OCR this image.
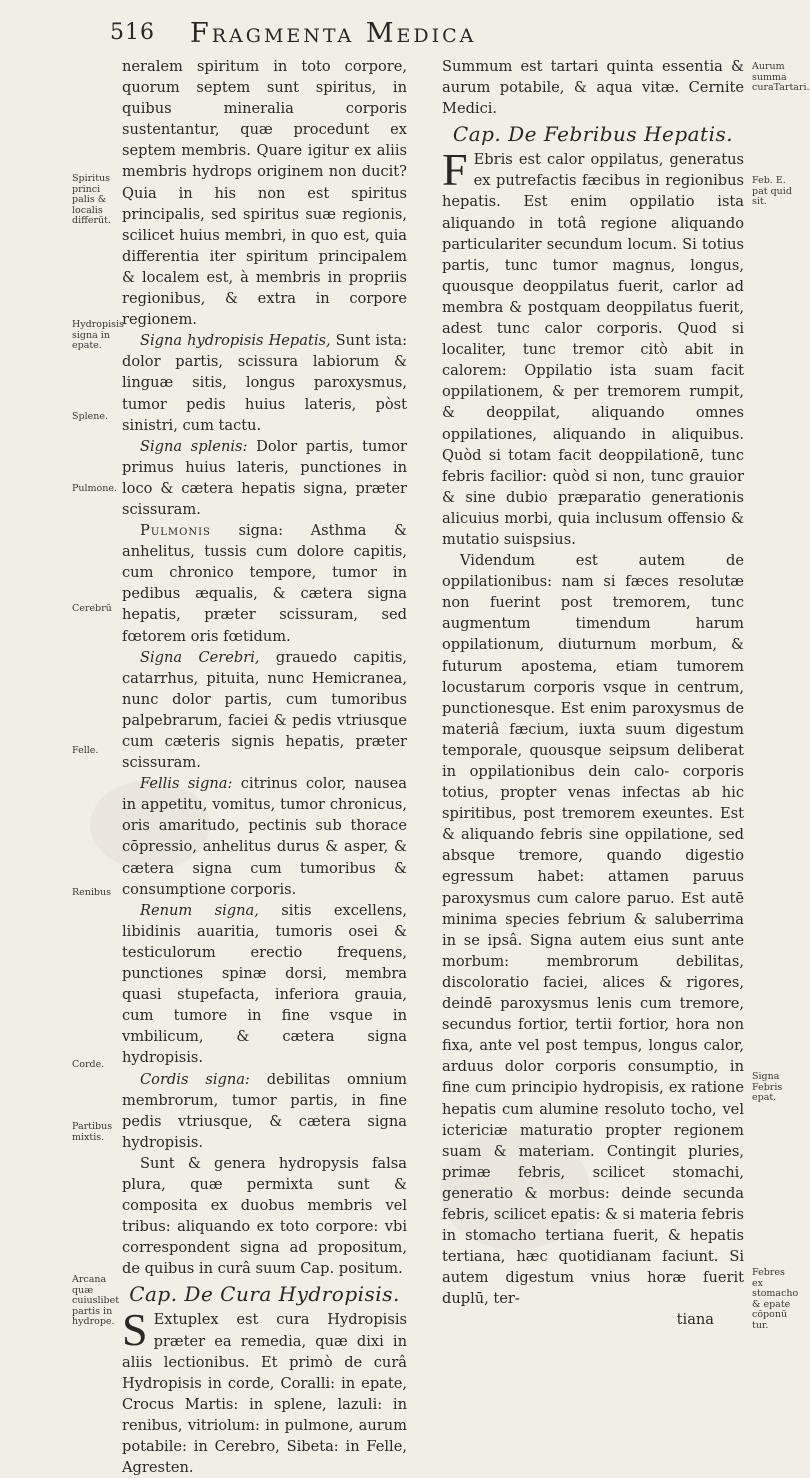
516 Fragmenta Medica
Spiritus princi palis & localis differūt.
Hydropisis signa in epate.
Splene.
Pulmone.
Cerebrū
Felle.
Renibus
Corde.
Partibus mixtis.
Arcana quæ cuiuslibet partis in hydrope.
Aurum summa curaTartari.
Feb. E. pat quid sit.
Signa Febris epat.
Febres ex stomacho & epate cōponū tur.

neralem spiritum in toto corpore, quorum septem sunt spiritus, in quibus mineralia corporis sustentantur, quæ procedunt ex septem membris. Quare igitur ex aliis membris hydrops originem non ducit? Quia in his non est spiritus principalis, sed spiritus suæ regionis, scilicet huius membri, in quo est, quia differentia iter spiritum principalem & localem est, à membris in propriis regionibus, & extra in corpore regionem.

Signa hydropisis Hepatis, Sunt ista: dolor partis, scissura labiorum & linguæ sitis, longus paroxysmus, tumor pedis huius lateris, pòst sinistri, cum tactu.

Signa splenis: Dolor partis, tumor primus huius lateris, punctiones in loco & cætera hepatis signa, præter scissuram.

Pulmonis signa: Asthma & anhelitus, tussis cum dolore capitis, cum chronico tempore, tumor in pedibus æqualis, & cætera signa hepatis, præter scissuram, sed fœtorem oris fœtidum.

Signa Cerebri, grauedo capitis, catarrhus, pituita, nunc Hemicranea, nunc dolor partis, cum tumoribus palpebrarum, faciei & pedis vtriusque cum cæteris signis hepatis, præter scissuram.

Fellis signa: citrinus color, nausea in appetitu, vomitus, tumor chronicus, oris amaritudo, pectinis sub thorace cōpressio, anhelitus durus & asper, & cætera signa cum tumoribus & consumptione corporis.

Renum signa, sitis excellens, libidinis auaritia, tumoris osei & testiculorum erectio frequens, punctiones spinæ dorsi, membra quasi stupefacta, inferiora grauia, cum tumore in fine vsque in vmbilicum, & cætera signa hydropisis.

Cordis signa: debilitas omnium membrorum, tumor partis, in fine pedis vtriusque, & cætera signa hydropisis.

Sunt & genera hydropysis falsa plura, quæ permixta sunt & composita ex duobus membris vel tribus: aliquando ex toto corpore: vbi correspondent signa ad propositum, de quibus in curâ suum Cap. positum.

Cap. De Cura Hydropisis.

S Extuplex est cura Hydropisis præter ea remedia, quæ dixi in aliis lectionibus. Et primò de curâ Hydropisis in corde, Coralli: in epate, Crocus Martis: in splene, lazuli: in renibus, vitriolum: in pulmone, aurum potabile: in Cerebro, Sibeta: in Felle, Agresten.

Summum est tartari quinta essentia & aurum potabile, & aqua vitæ. Cernite Medici.

Cap. De Febribus Hepatis.

F Ebris est calor oppilatus, generatus ex putrefactis fæcibus in regionibus hepatis. Est enim oppilatio ista aliquando in totâ regione aliquando particulariter secundum locum. Si totius partis, tunc tumor magnus, longus, quousque deoppilatus fuerit, carlor ad membra & postquam deoppilatus fuerit, adest tunc calor corporis. Quod si localiter, tunc tremor citò abit in calorem: Oppilatio ista suam facit oppilationem, & per tremorem rumpit, & deoppilat, aliquando omnes oppilationes, aliquando in aliquibus. Quòd si totam facit deoppilationē, tunc febris facilior: quòd si non, tunc grauior & sine dubio præparatio generationis alicuius morbi, quia inclusum offensio & mutatio suispsius.

Videndum est autem de oppilationibus: nam si fæces resolutæ non fuerint post tremorem, tunc augmentum timendum harum oppilationum, diuturnum morbum, & futurum apostema, etiam tumorem locustarum corporis vsque in centrum, punctionesque. Est enim paroxysmus de materiâ fæcium, iuxta suum digestum temporale, quousque seipsum deliberat in oppilationibus dein calo- corporis totius, propter venas infectas ab hic spiritibus, post tremorem exeuntes. Est & aliquando febris sine oppilatione, sed absque tremore, quando digestio egressum habet: attamen paruus paroxysmus cum calore paruo. Est autē minima species febrium & saluberrima in se ipsâ. Signa autem eius sunt ante morbum: membrorum debilitas, discoloratio faciei, alices & rigores, deindē paroxysmus lenis cum tremore, secundus fortior, tertii fortior, hora non fixa, ante vel post tempus, longus calor, arduus dolor corporis consumptio, in fine cum principio hydropisis, ex ratione hepatis cum alumine resoluto tocho, vel ictericiæ maturatio propter regionem suam & materiam. Contingit pluries, primæ febris, scilicet stomachi, generatio & morbus: deinde secunda febris, scilicet epatis: & si materia febris in stomacho tertiana fuerit, & hepatis tertiana, hæc quotidianam faciunt. Si autem digestum vnius horæ fuerit duplū, ter-

tiana
